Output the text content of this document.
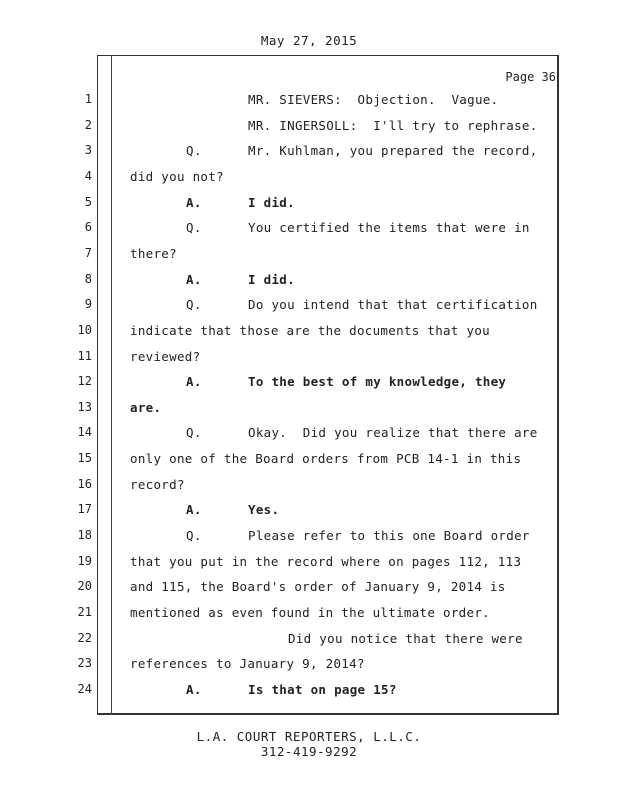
May 27, 2015
Page 36
1	MR. SIEVERS:  Objection.  Vague.
2	MR. INGERSOLL:  I'll try to rephrase.
3	Q.	Mr. Kuhlman, you prepared the record,
4	did you not?
5	A.	I did.
6	Q.	You certified the items that were in
7	there?
8	A.	I did.
9	Q.	Do you intend that that certification
10	indicate that those are the documents that you
11	reviewed?
12	A.	To the best of my knowledge, they
13	are.
14	Q.	Okay.  Did you realize that there are
15	only one of the Board orders from PCB 14-1 in this
16	record?
17	A.	Yes.
18	Q.	Please refer to this one Board order
19	that you put in the record where on pages 112, 113
20	and 115, the Board's order of January 9, 2014 is
21	mentioned as even found in the ultimate order.
22	Did you notice that there were
23	references to January 9, 2014?
24	A.	Is that on page 15?
L.A. COURT REPORTERS, L.L.C.
312-419-9292
